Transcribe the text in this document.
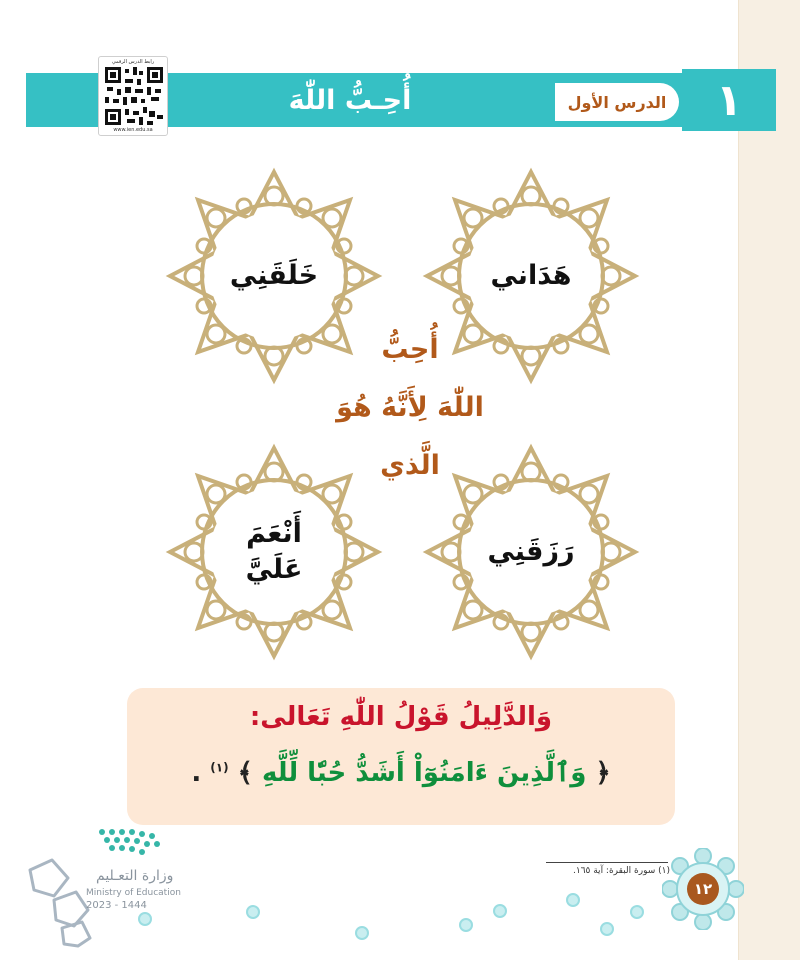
أُحِـبُّ اللّٰهَ	الدرس الأول	١
رابط الدرس الرقمي
www.ien.edu.sa
هَدَاني
خَلَقَنِي
رَزَقَنِي
أَنْعَمَ
عَلَيَّ
أُحِبُّ
اللّٰهَ لِأَنَّهُ هُوَ
الَّذي
وَالدَّلِيلُ قَوْلُ اللّٰهِ تَعَالى:
﴿ وَٱلَّذِينَ ءَامَنُوٓاْ أَشَدُّ حُبّٗا لِّلَّهِ ﴾ $^{(١)}$ .
(١) سورة البقرة: آية ١٦٥.
١٢
وزارة التعـليم
Ministry of Education
2023 - 1444
